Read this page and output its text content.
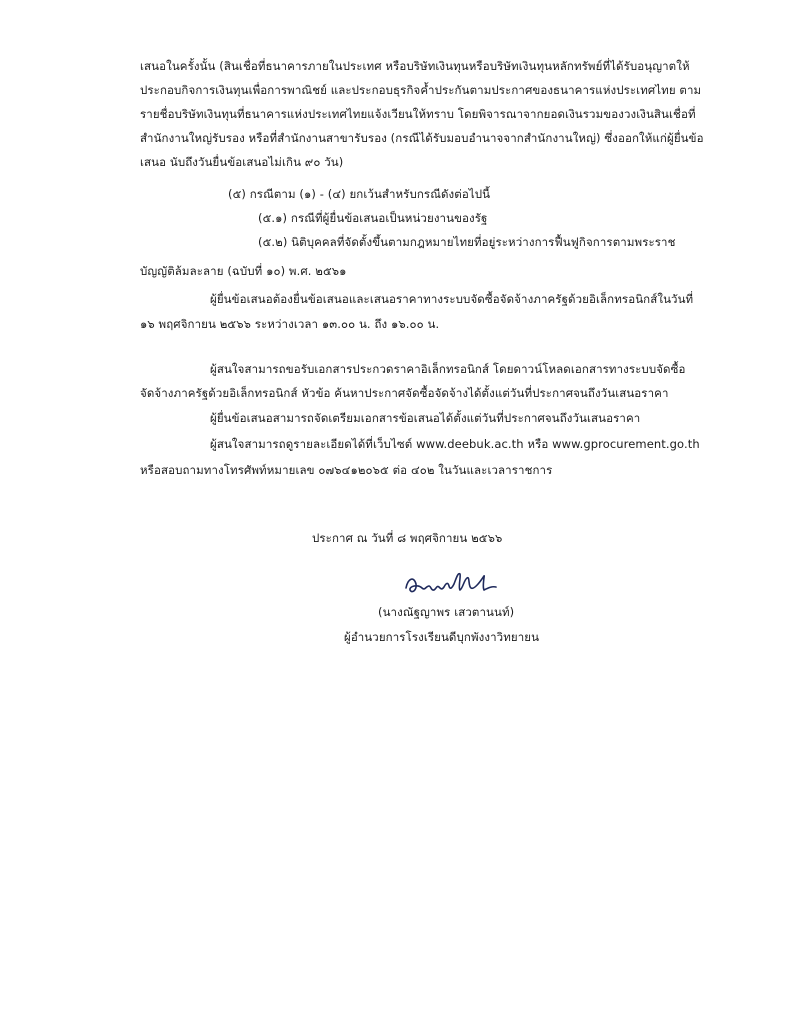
เสนอในครั้งนั้น (สินเชื่อที่ธนาคารภายในประเทศ หรือบริษัทเงินทุนหรือบริษัทเงินทุนหลักทรัพย์ที่ได้รับอนุญาตให้
ประกอบกิจการเงินทุนเพื่อการพาณิชย์ และประกอบธุรกิจค้ำประกันตามประกาศของธนาคารแห่งประเทศไทย ตาม
รายชื่อบริษัทเงินทุนที่ธนาคารแห่งประเทศไทยแจ้งเวียนให้ทราบ โดยพิจารณาจากยอดเงินรวมของวงเงินสินเชื่อที่
สำนักงานใหญ่รับรอง หรือที่สำนักงานสาขารับรอง (กรณีได้รับมอบอำนาจจากสำนักงานใหญ่) ซึ่งออกให้แก่ผู้ยื่นข้อ
เสนอ นับถึงวันยื่นข้อเสนอไม่เกิน ๙๐ วัน)
(๕) กรณีตาม (๑) - (๔) ยกเว้นสำหรับกรณีดังต่อไปนี้
(๕.๑) กรณีที่ผู้ยื่นข้อเสนอเป็นหน่วยงานของรัฐ
(๕.๒) นิติบุคคลที่จัดตั้งขึ้นตามกฎหมายไทยที่อยู่ระหว่างการฟื้นฟูกิจการตามพระราช
บัญญัติล้มละลาย (ฉบับที่ ๑๐) พ.ศ. ๒๕๖๑
ผู้ยื่นข้อเสนอต้องยื่นข้อเสนอและเสนอราคาทางระบบจัดซื้อจัดจ้างภาครัฐด้วยอิเล็กทรอนิกส์ในวันที่
๑๖ พฤศจิกายน ๒๕๖๖ ระหว่างเวลา ๑๓.๐๐ น. ถึง ๑๖.๐๐ น.
ผู้สนใจสามารถขอรับเอกสารประกวดราคาอิเล็กทรอนิกส์ โดยดาวน์โหลดเอกสารทางระบบจัดซื้อ
จัดจ้างภาครัฐด้วยอิเล็กทรอนิกส์ หัวข้อ ค้นหาประกาศจัดซื้อจัดจ้างได้ตั้งแต่วันที่ประกาศจนถึงวันเสนอราคา
ผู้ยื่นข้อเสนอสามารถจัดเตรียมเอกสารข้อเสนอได้ตั้งแต่วันที่ประกาศจนถึงวันเสนอราคา
ผู้สนใจสามารถดูรายละเอียดได้ที่เว็บไซต์ www.deebuk.ac.th หรือ www.gprocurement.go.th
หรือสอบถามทางโทรศัพท์หมายเลข ๐๗๖๔๑๒๐๖๕ ต่อ ๔๐๒ ในวันและเวลาราชการ
ประกาศ ณ วันที่ ๘ พฤศจิกายน ๒๕๖๖
(นางณัฐญาพร เสวตานนท์)
ผู้อำนวยการโรงเรียนดีบุกพังงาวิทยายน
